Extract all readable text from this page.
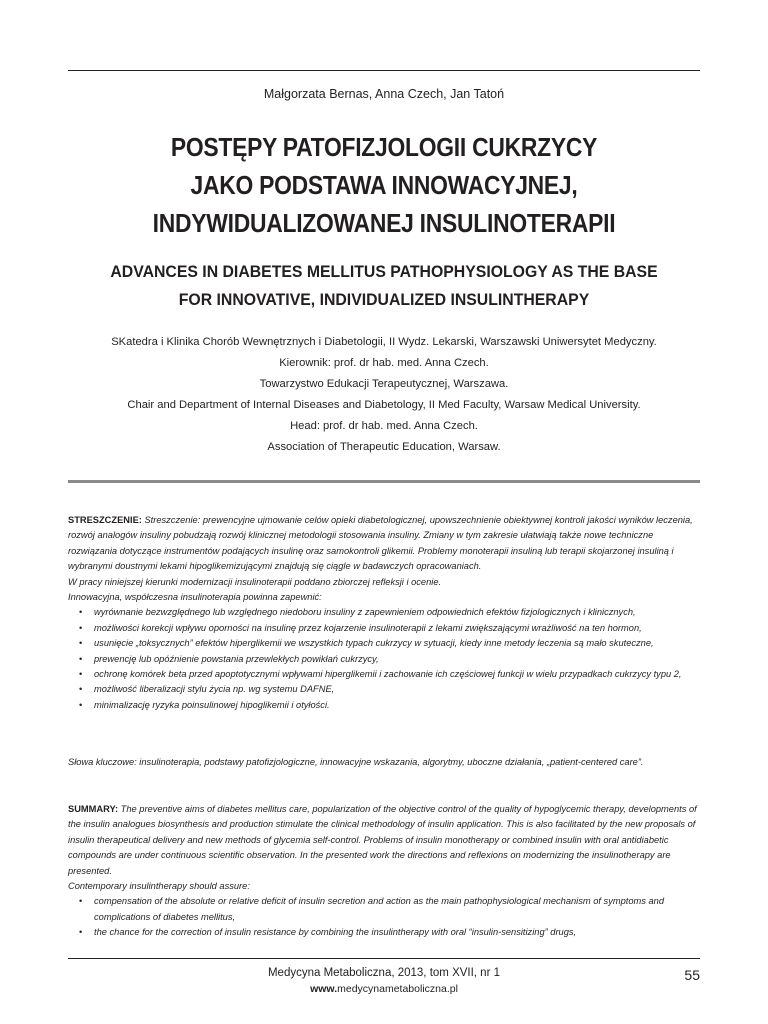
Małgorzata Bernas, Anna Czech, Jan Tatoń
POSTĘPY PATOFIZJOLOGII CUKRZYCY
JAKO PODSTAWA INNOWACYJNEJ,
INDYWIDUALIZOWANEJ INSULINOTERAPII
ADVANCES IN DIABETES MELLITUS PATHOPHYSIOLOGY AS THE BASE
FOR INNOVATIVE, INDIVIDUALIZED INSULINTHERAPY
SKatedra i Klinika Chorób Wewnętrznych i Diabetologii, II Wydz. Lekarski, Warszawski Uniwersytet Medyczny.
Kierownik: prof. dr hab. med. Anna Czech.
Towarzystwo Edukacji Terapeutycznej, Warszawa.
Chair and Department of Internal Diseases and Diabetology, II Med Faculty, Warsaw Medical University.
Head: prof. dr hab. med. Anna Czech.
Association of Therapeutic Education, Warsaw.

STRESZCZENIE: Streszczenie: prewencyjne ujmowanie celów opieki diabetologicznej, upowszechnienie obiektywnej kontroli jakości wyników leczenia, rozwój analogów insuliny pobudzają rozwój klinicznej metodologii stosowania insuliny. Zmiany w tym zakresie ułatwiają także nowe techniczne rozwiązania dotyczące instrumentów podających insulinę oraz samokontroli glikemii. Problemy monoterapii insuliną lub terapii skojarzonej insuliną i wybranymi doustnymi lekami hipoglikemizującymi znajdują się ciągle w badawczych opracowaniach.

W pracy niniejszej kierunki modernizacji insulinoterapii poddano zbiorczej refleksji i ocenie.

Innowacyjna, współczesna insulinoterapia powinna zapewnić:

• wyrównanie bezwzględnego lub względnego niedoboru insuliny z zapewnieniem odpowiednich efektów fizjologicznych i klinicznych,
• możliwości korekcji wpływu oporności na insulinę przez kojarzenie insulinoterapii z lekami zwiększającymi wrażliwość na ten hormon,
• usunięcie „toksycznych” efektów hiperglikemii we wszystkich typach cukrzycy w sytuacji, kiedy inne metody leczenia są mało skuteczne,
• prewencję lub opóźnienie powstania przewlekłych powikłań cukrzycy,
• ochronę komórek beta przed apoptotycznymi wpływami hiperglikemii i zachowanie ich częściowej funkcji w wielu przypadkach cukrzycy typu 2,
• możliwość liberalizacji stylu życia np. wg systemu DAFNE,
• minimalizację ryzyka poinsulinowej hipoglikemii i otyłości.
Słowa kluczowe: insulinoterapia, podstawy patofizjologiczne, innowacyjne wskazania, algorytmy, uboczne działania, „patient-centered care”.

SUMMARY: The preventive aims of diabetes mellitus care, popularization of the objective control of the quality of hypoglycemic therapy, developments of the insulin analogues biosynthesis and production stimulate the clinical methodology of insulin application. This is also facilitated by the new proposals of insulin therapeutical delivery and new methods of glycemia self-control. Problems of insulin monotherapy or combined insulin with oral antidiabetic compounds are under continuous scientific observation. In the presented work the directions and reflexions on modernizing the insulinotherapy are presented.

Contemporary insulintherapy should assure:

• compensation of the absolute or relative deficit of insulin secretion and action as the main pathophysiological mechanism of symptoms and complications of diabetes mellitus,
• the chance for the correction of insulin resistance by combining the insulintherapy with oral “insulin-sensitizing” drugs,
Medycyna Metaboliczna, 2013, tom XVII, nr 1
www.medycynametaboliczna.pl
55
